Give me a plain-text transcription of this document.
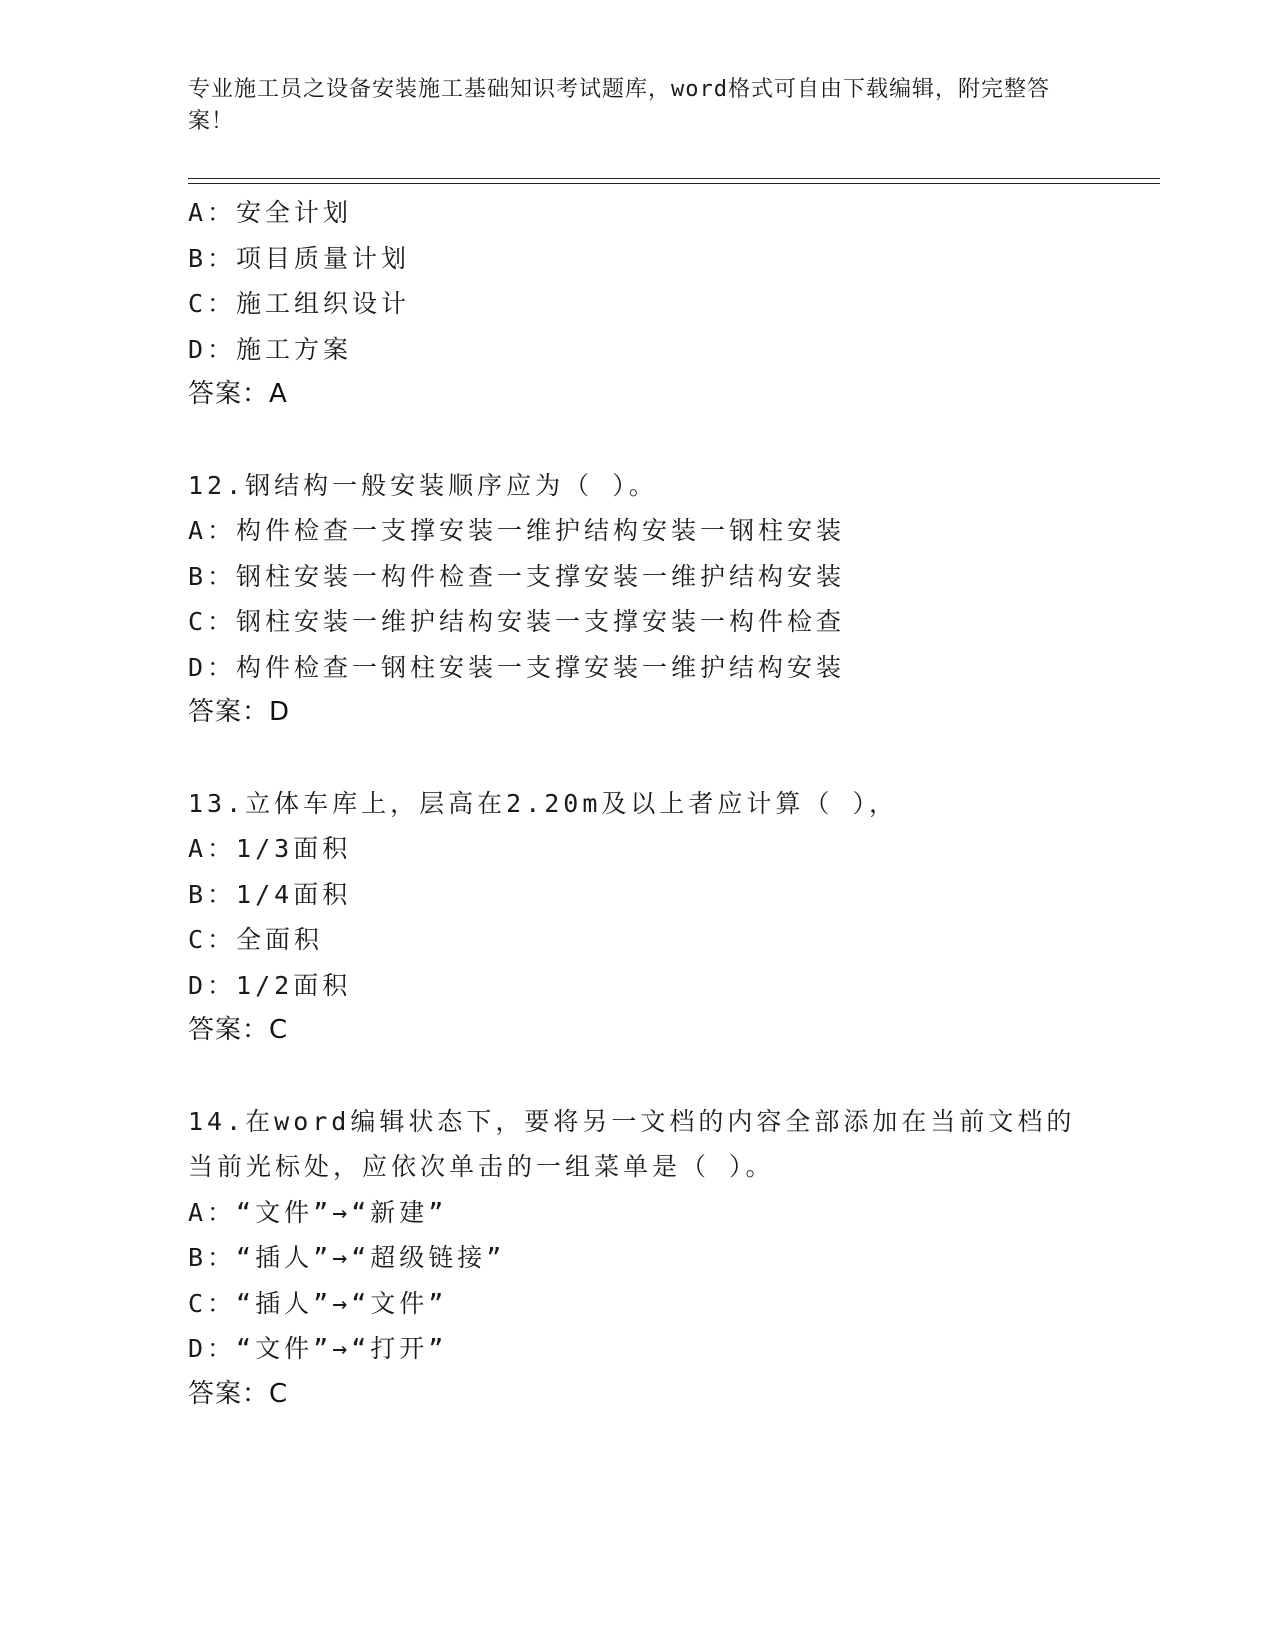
专业施工员之设备安装施工基础知识考试题库，word格式可自由下载编辑，附完整答案！
A：安全计划
B：项目质量计划
C：施工组织设计
D：施工方案
答案：A
12.钢结构一般安装顺序应为（ ）。
A：构件检查一支撑安装一维护结构安装一钢柱安装
B：钢柱安装一构件检查一支撑安装一维护结构安装
C：钢柱安装一维护结构安装一支撑安装一构件检查
D：构件检查一钢柱安装一支撑安装一维护结构安装
答案：D
13.立体车库上，层高在2.20m及以上者应计算（ ），
A：1/3面积
B：1/4面积
C：全面积
D：1/2面积
答案：C
14.在word编辑状态下，要将另一文档的内容全部添加在当前文档的
当前光标处，应依次单击的一组菜单是（ ）。
A：“文件”→“新建”
B：“插人”→“超级链接”
C：“插人”→“文件”
D：“文件”→“打开”
答案：C
